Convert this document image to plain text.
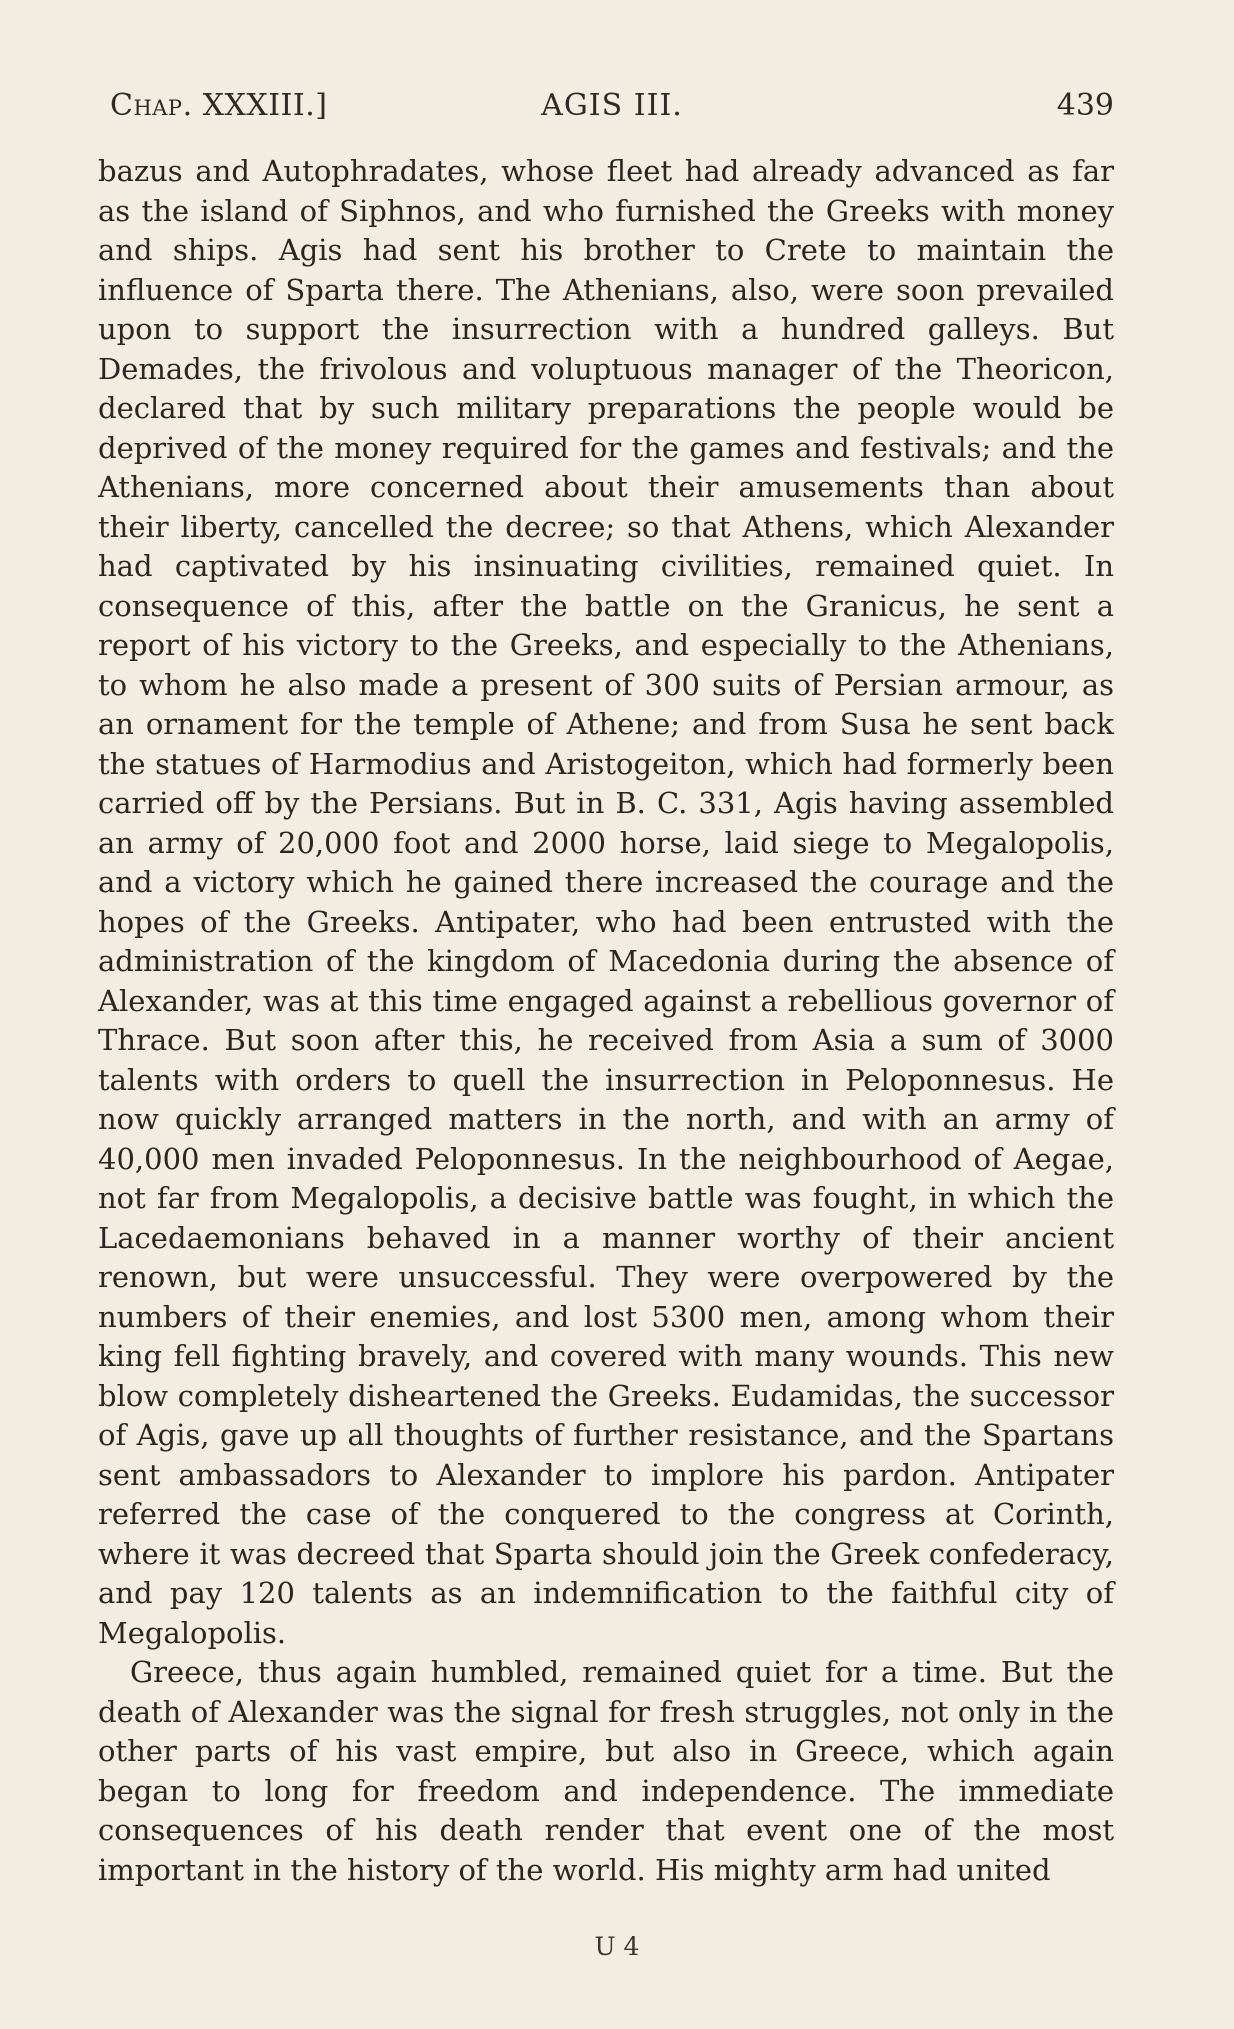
Chap. XXXIII.]	AGIS III.	439

bazus and Autophradates, whose fleet had already advanced as far as the island of Siphnos, and who furnished the Greeks with money and ships. Agis had sent his brother to Crete to maintain the influence of Sparta there. The Athenians, also, were soon prevailed upon to support the insurrection with a hundred galleys. But Demades, the frivolous and voluptuous manager of the Theoricon, declared that by such military preparations the people would be deprived of the money required for the games and festivals; and the Athenians, more concerned about their amusements than about their liberty, cancelled the decree; so that Athens, which Alexander had captivated by his insinuating civilities, remained quiet. In consequence of this, after the battle on the Granicus, he sent a report of his victory to the Greeks, and especially to the Athenians, to whom he also made a present of 300 suits of Persian armour, as an ornament for the temple of Athene; and from Susa he sent back the statues of Harmodius and Aristogeiton, which had formerly been carried off by the Persians. But in B. C. 331, Agis having assembled an army of 20,000 foot and 2000 horse, laid siege to Megalopolis, and a victory which he gained there increased the courage and the hopes of the Greeks. Antipater, who had been entrusted with the administration of the kingdom of Macedonia during the absence of Alexander, was at this time engaged against a rebellious governor of Thrace. But soon after this, he received from Asia a sum of 3000 talents with orders to quell the insurrection in Peloponnesus. He now quickly arranged matters in the north, and with an army of 40,000 men invaded Peloponnesus. In the neighbourhood of Aegae, not far from Megalopolis, a decisive battle was fought, in which the Lacedaemonians behaved in a manner worthy of their ancient renown, but were unsuccessful. They were overpowered by the numbers of their enemies, and lost 5300 men, among whom their king fell fighting bravely, and covered with many wounds. This new blow completely disheartened the Greeks. Eudamidas, the successor of Agis, gave up all thoughts of further resistance, and the Spartans sent ambassadors to Alexander to implore his pardon. Antipater referred the case of the conquered to the congress at Corinth, where it was decreed that Sparta should join the Greek confederacy, and pay 120 talents as an indemnification to the faithful city of Megalopolis.

Greece, thus again humbled, remained quiet for a time. But the death of Alexander was the signal for fresh struggles, not only in the other parts of his vast empire, but also in Greece, which again began to long for freedom and independence. The immediate consequences of his death render that event one of the most important in the history of the world. His mighty arm had united

U 4
